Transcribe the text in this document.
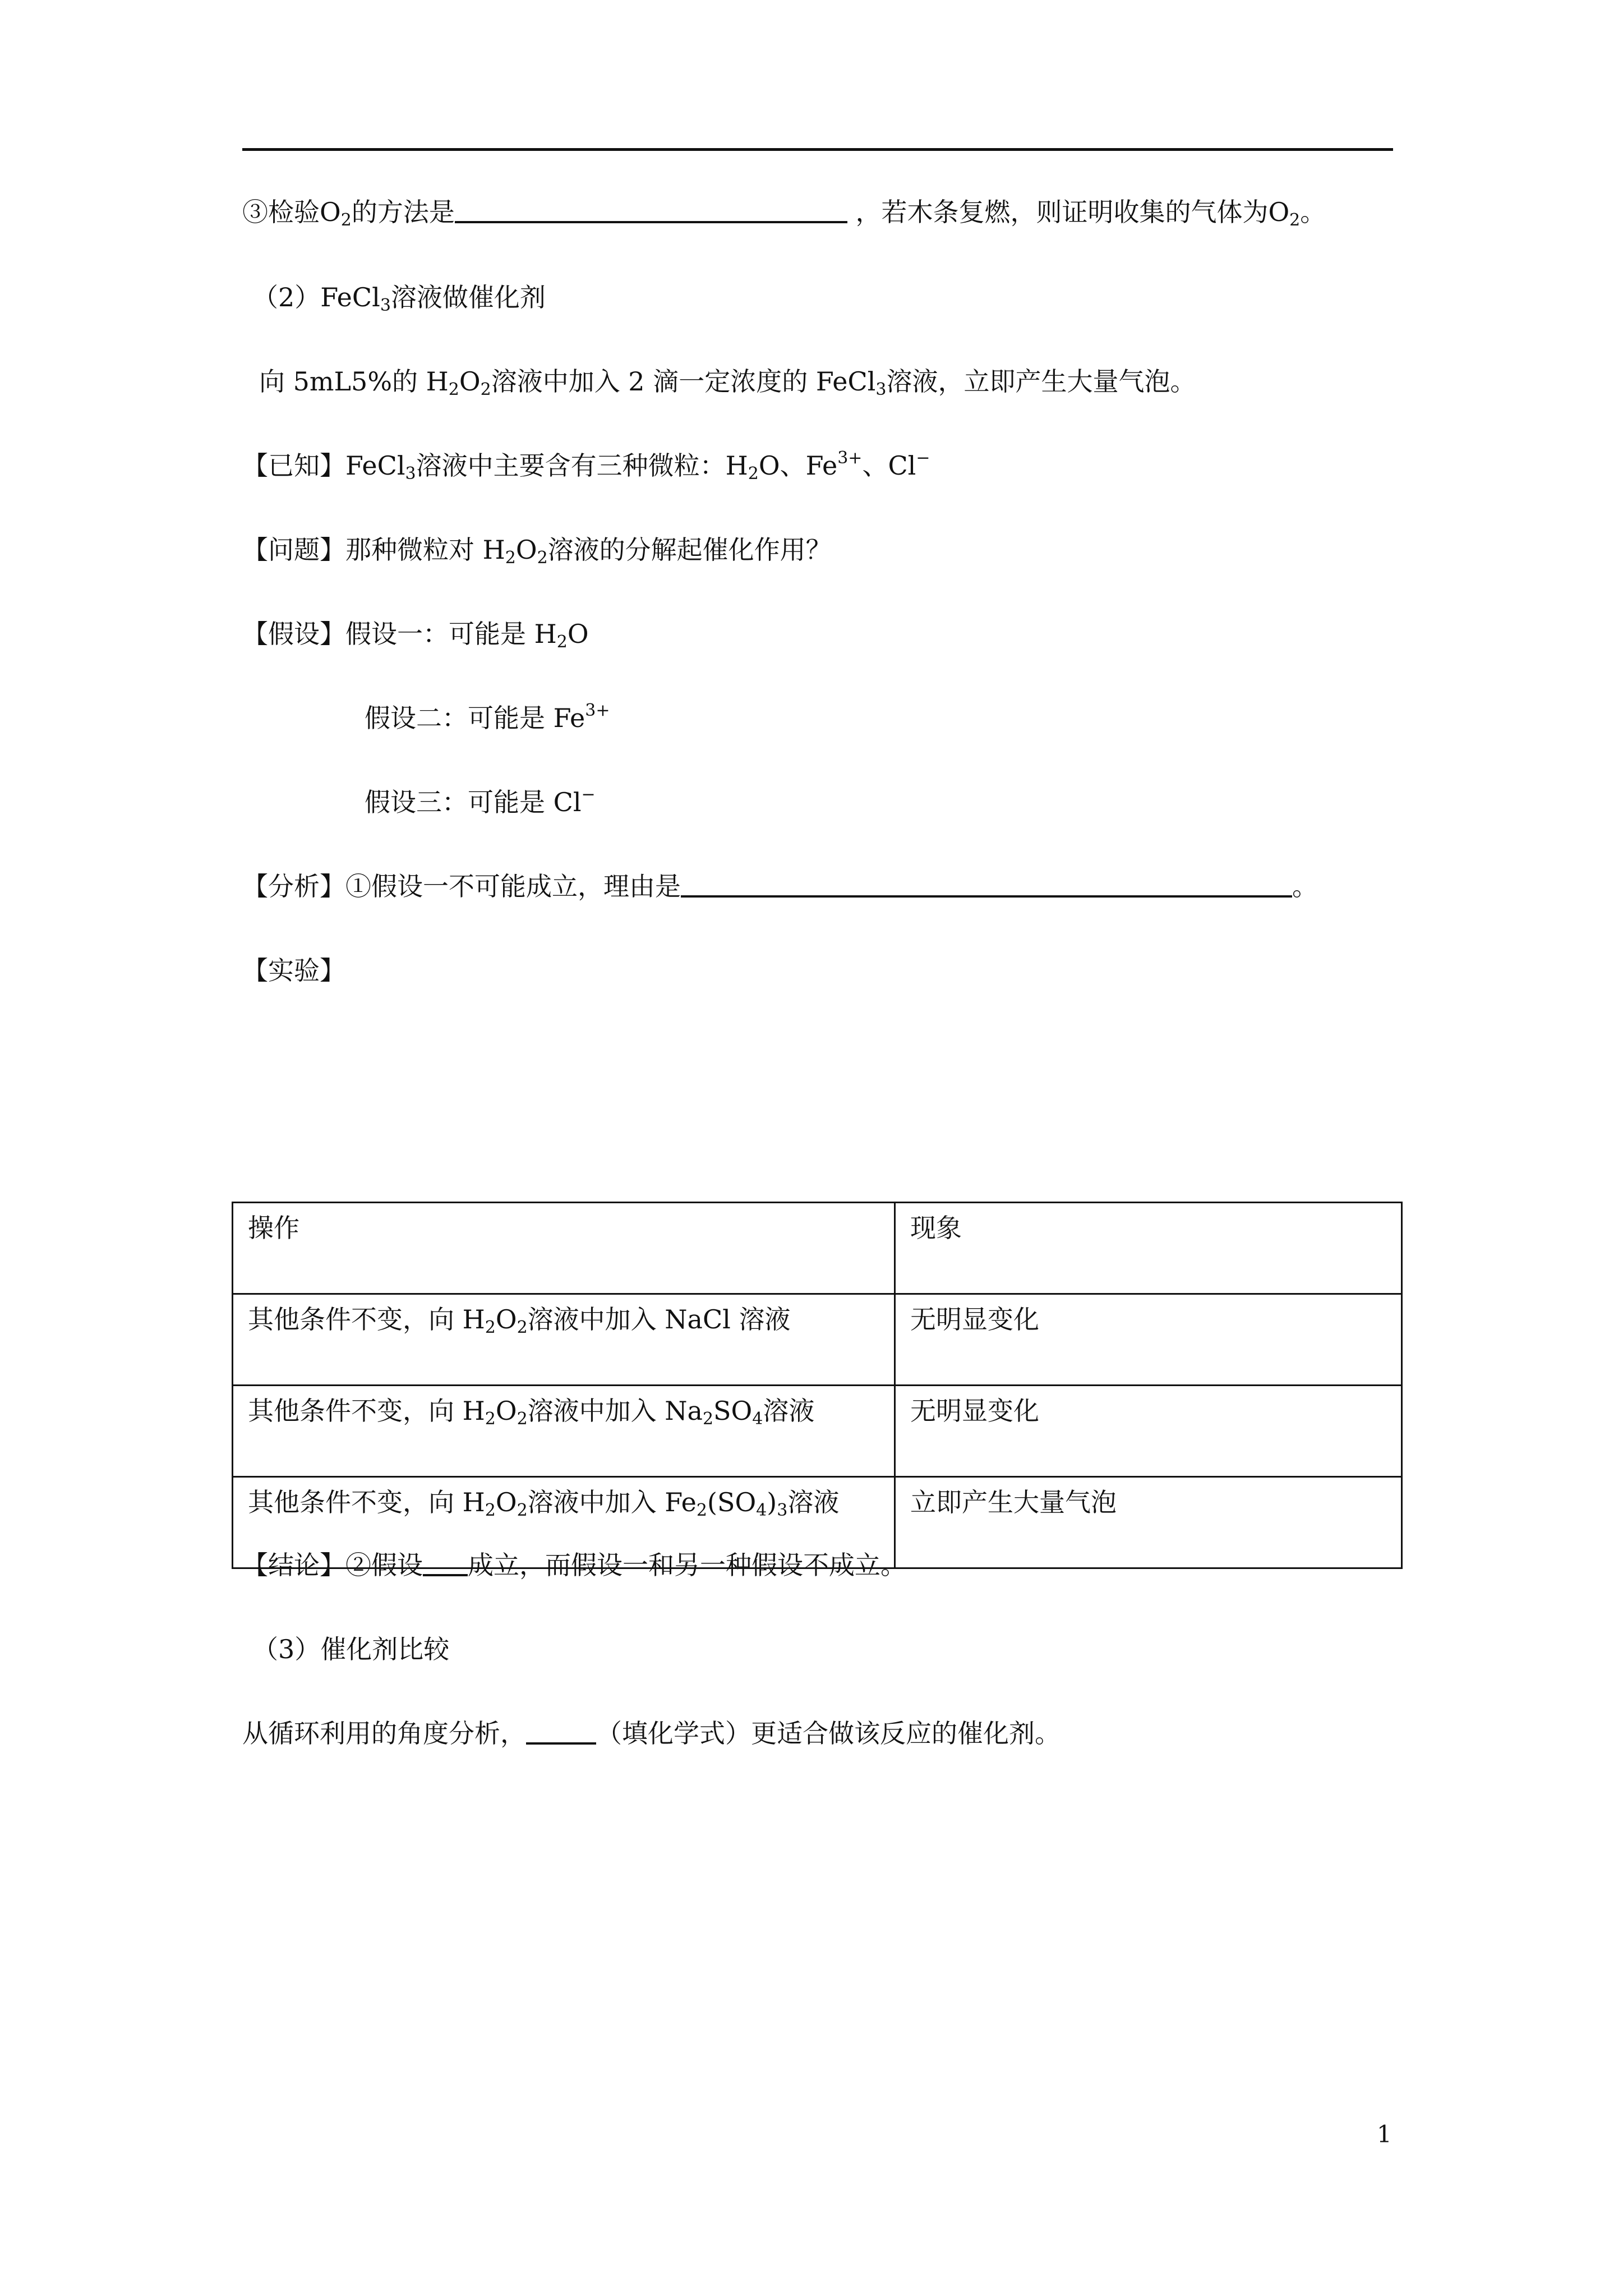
③检验$O_2$的方法是	，若木条复燃，则证明收集的气体为$O_2$。
（2）FeCl$_3$溶液做催化剂
向 5mL5%的 $H_2O_2$溶液中加入 2 滴一定浓度的 FeCl$_3$溶液，立即产生大量气泡。
【已知】FeCl$_3$溶液中主要含有三种微粒：$H_2O$、$Fe^{3+}$、Cl−
【问题】那种微粒对 $H_2O_2$溶液的分解起催化作用？
【假设】假设一：可能是 $H_2O$
假设二：可能是 $Fe^{3+}$
假设三：可能是 Cl−
【分析】①假设一不可能成立，理由是	。
【实验】
操作	现象
其他条件不变，向 $H_2O_2$溶液中加入 NaCl 溶液	无明显变化
其他条件不变，向 $H_2O_2$溶液中加入 $Na_2SO_4$溶液	无明显变化
其他条件不变，向 $H_2O_2$溶液中加入 $Fe_2(SO_4)_3$溶液	立即产生大量气泡
【结论】②假设 成立，而假设一和另一种假设不成立。
（3）催化剂比较
从循环利用的角度分析，	（填化学式）更适合做该反应的催化剂。
1
